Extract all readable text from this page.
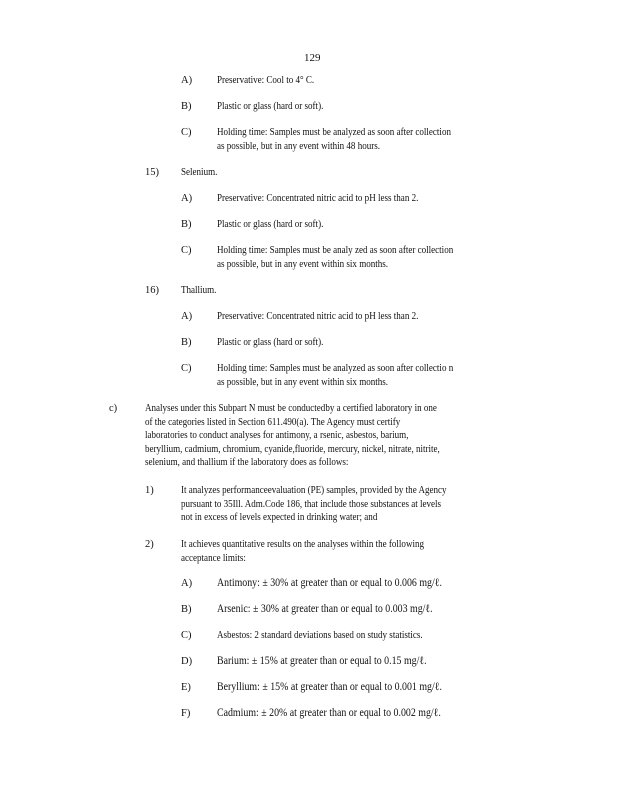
129
A) Preservative: Cool to 4° C.
B) Plastic or glass (hard or soft).
C) Holding time: Samples must be analyzed as soon after collection
as possible, but in any event within 48 hours.
15) Selenium.
A) Preservative: Concentrated nitric acid to pH less than 2.
B) Plastic or glass (hard or soft).
C) Holding time: Samples must be analy zed as soon after collection
as possible, but in any event within six months.
16) Thallium.
A) Preservative: Concentrated nitric acid to pH less than 2.
B) Plastic or glass (hard or soft).
C) Holding time: Samples must be analyzed as soon after collectio n
as possible, but in any event within six months.
c)	Analyses under this Subpart N must be conductedby a certified laboratory in one
of the categories listed in Section 611.490(a). The Agency must certify
laboratories to conduct analyses for antimony, a rsenic, asbestos, barium,
beryllium, cadmium, chromium, cyanide,fluoride, mercury, nickel, nitrate, nitrite,
selenium, and thallium if the laboratory does as follows:
1)	It analyzes performanceevaluation (PE) samples, provided by the Agency
pursuant to 35Ill. Adm.Code 186, that include those substances at levels
not in excess of levels expected in drinking water; and
2)	It achieves quantitative results on the analyses within the following
acceptance limits:
A) Antimony: ± 30% at greater than or equal to 0.006 mg/ℓ.
B) Arsenic: ± 30% at greater than or equal to 0.003 mg/ℓ.
C) Asbestos: 2 standard deviations based on study statistics.
D) Barium: ± 15% at greater than or equal to 0.15 mg/ℓ.
E) Beryllium: ± 15% at greater than or equal to 0.001 mg/ℓ.
F) Cadmium: ± 20% at greater than or equal to 0.002 mg/ℓ.
